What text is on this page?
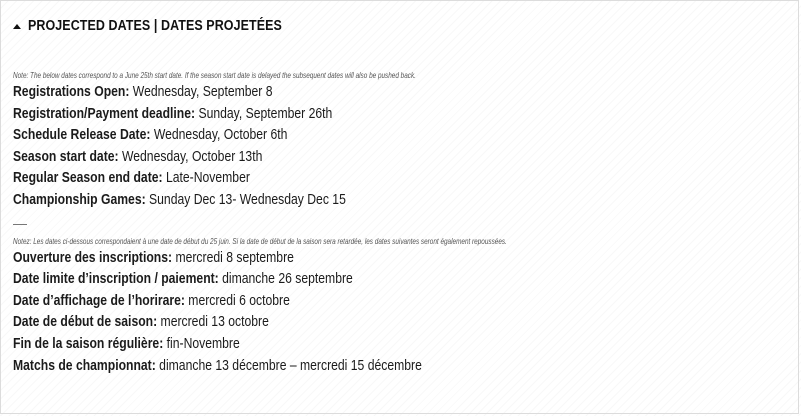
PROJECTED DATES | DATES PROJETÉES
Note: The below dates correspond to a June 25th start date. If the season start date is delayed the subsequent dates will also be pushed back.
Registrations Open: Wednesday, September 8
Registration/Payment deadline: Sunday, September 26th
Schedule Release Date: Wednesday, October 6th
Season start date: Wednesday, October 13th
Regular Season end date: Late-November
Championship Games: Sunday Dec 13- Wednesday Dec 15
Notez: Les dates ci-dessous correspondaient à une date de début du 25 juin. Si la date de début de la saison sera retardée, les dates suivantes seront également repoussées.
Ouverture des inscriptions: mercredi 8 septembre
Date limite d’inscription / paiement: dimanche 26 septembre
Date d’affichage de l’horirare: mercredi 6 octobre
Date de début de saison: mercredi 13 octobre
Fin de la saison régulière: fin-Novembre
Matchs de championnat: dimanche 13 décembre – mercredi 15 décembre
